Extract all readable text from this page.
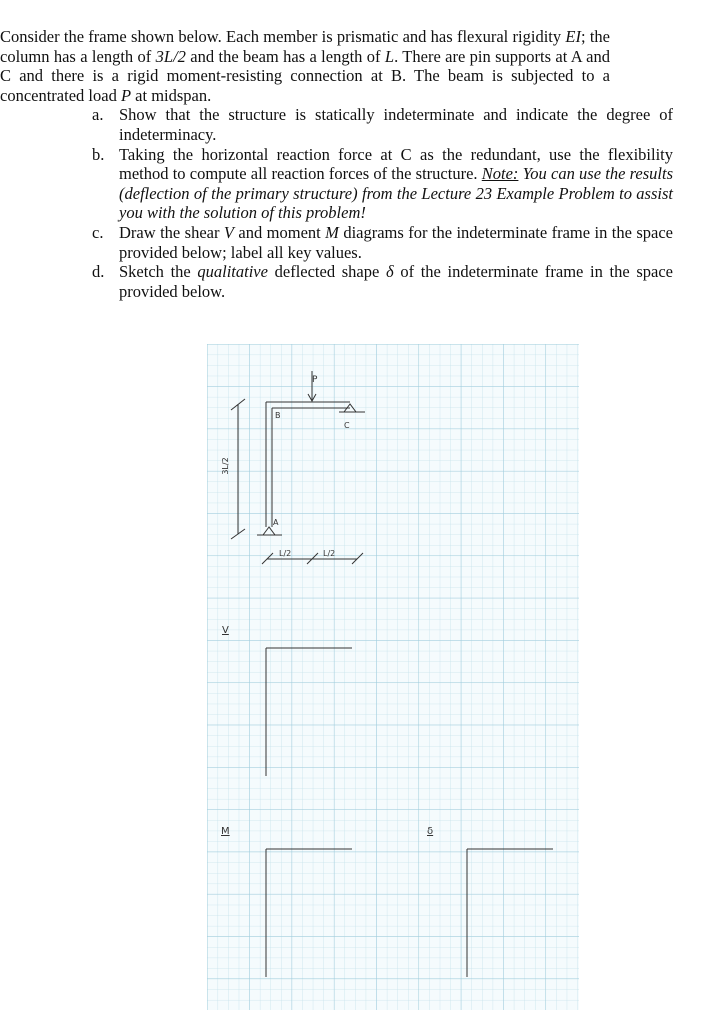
Consider the frame shown below. Each member is prismatic and has flexural rigidity EI; the column has a length of 3L/2 and the beam has a length of L. There are pin supports at A and C and there is a rigid moment-resisting connection at B. The beam is subjected to a concentrated load P at midspan.

a. Show that the structure is statically indeterminate and indicate the degree of indeterminacy.
b. Taking the horizontal reaction force at C as the redundant, use the flexibility method to compute all reaction forces of the structure. Note: You can use the results (deflection of the primary structure) from the Lecture 23 Example Problem to assist you with the solution of this problem!
c. Draw the shear V and moment M diagrams for the indeterminate frame in the space provided below; label all key values.
d. Sketch the qualitative deflected shape δ of the indeterminate frame in the space provided below.
P
B
C
A
3L/2
L/2	L/2
V
M	δ
